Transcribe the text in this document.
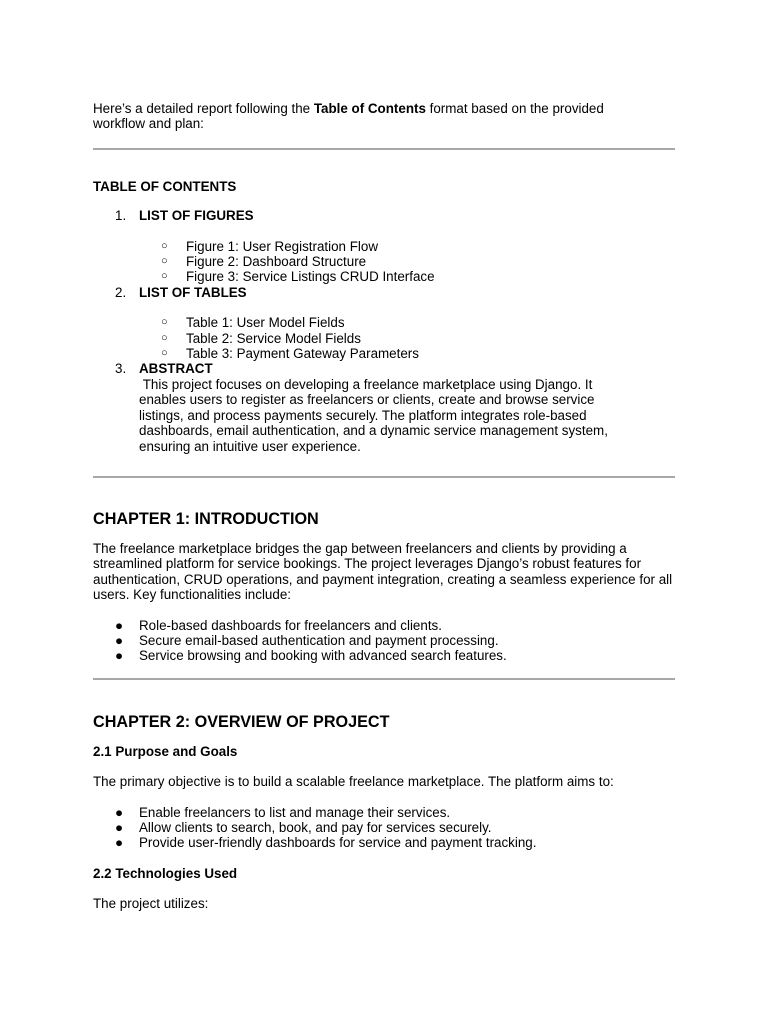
Here’s a detailed report following the Table of Contents format based on the provided workflow and plan:

TABLE OF CONTENTS

1. LIST OF FIGURES
○ Figure 1: User Registration Flow
○ Figure 2: Dashboard Structure
○ Figure 3: Service Listings CRUD Interface
2. LIST OF TABLES
○ Table 1: User Model Fields
○ Table 2: Service Model Fields
○ Table 3: Payment Gateway Parameters
3. ABSTRACT

This project focuses on developing a freelance marketplace using Django. It enables users to register as freelancers or clients, create and browse service listings, and process payments securely. The platform integrates role-based dashboards, email authentication, and a dynamic service management system, ensuring an intuitive user experience.

CHAPTER 1: INTRODUCTION

The freelance marketplace bridges the gap between freelancers and clients by providing a streamlined platform for service bookings. The project leverages Django’s robust features for authentication, CRUD operations, and payment integration, creating a seamless experience for all users. Key functionalities include:

● Role-based dashboards for freelancers and clients.
● Secure email-based authentication and payment processing.
● Service browsing and booking with advanced search features.
CHAPTER 2: OVERVIEW OF PROJECT
2.1 Purpose and Goals

The primary objective is to build a scalable freelance marketplace. The platform aims to:

● Enable freelancers to list and manage their services.
● Allow clients to search, book, and pay for services securely.
● Provide user-friendly dashboards for service and payment tracking.
2.2 Technologies Used

The project utilizes:
